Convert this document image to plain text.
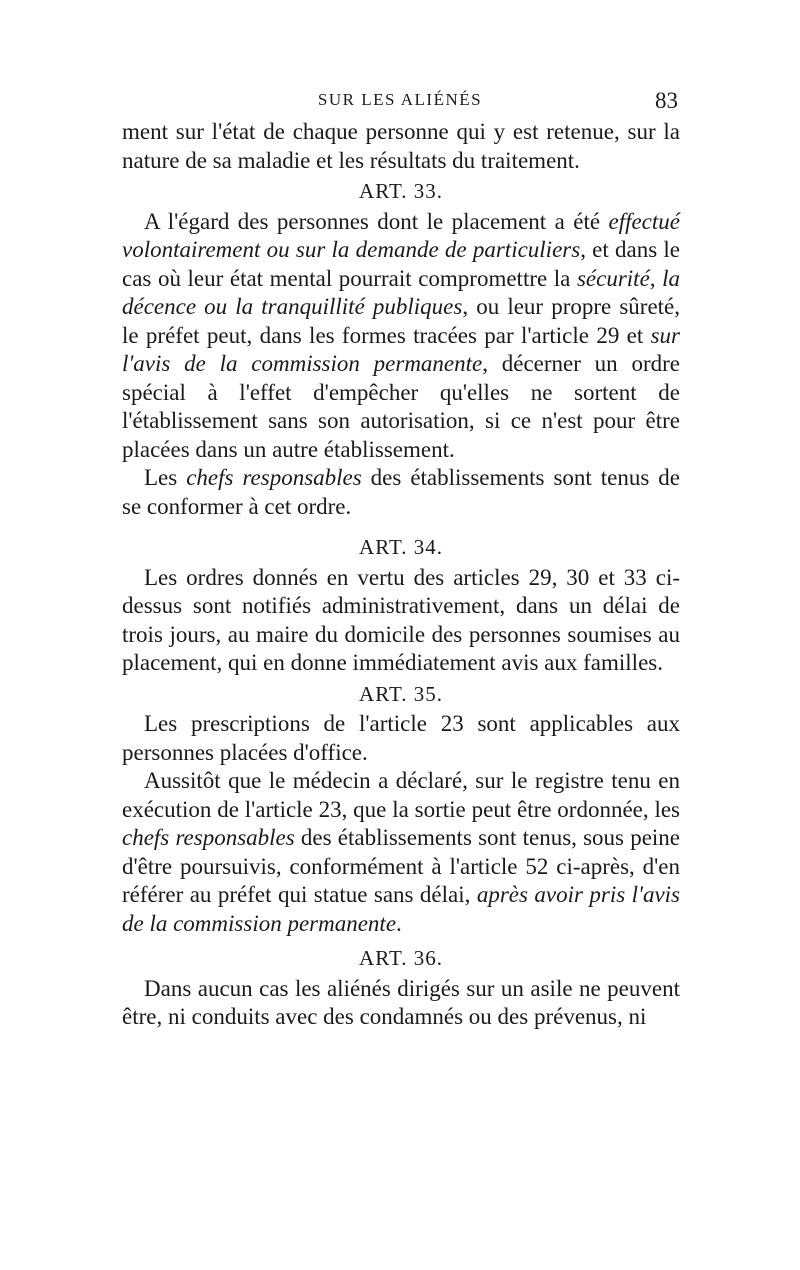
SUR LES ALIÉNÉS	83

ment sur l'état de chaque personne qui y est retenue, sur la nature de sa maladie et les résultats du traitement.

ART. 33.

A l'égard des personnes dont le placement a été effectué volontairement ou sur la demande de particuliers, et dans le cas où leur état mental pourrait compromettre la sécurité, la décence ou la tranquillité publiques, ou leur propre sûreté, le préfet peut, dans les formes tracées par l'article 29 et sur l'avis de la commission permanente, décerner un ordre spécial à l'effet d'empêcher qu'elles ne sortent de l'établissement sans son autorisation, si ce n'est pour être placées dans un autre établissement.

Les chefs responsables des établissements sont tenus de se conformer à cet ordre.

ART. 34.

Les ordres donnés en vertu des articles 29, 30 et 33 ci-dessus sont notifiés administrativement, dans un délai de trois jours, au maire du domicile des personnes soumises au placement, qui en donne immédiatement avis aux familles.

ART. 35.

Les prescriptions de l'article 23 sont applicables aux personnes placées d'office.

Aussitôt que le médecin a déclaré, sur le registre tenu en exécution de l'article 23, que la sortie peut être ordonnée, les chefs responsables des établissements sont tenus, sous peine d'être poursuivis, conformément à l'article 52 ci-après, d'en référer au préfet qui statue sans délai, après avoir pris l'avis de la commission permanente.

ART. 36.

Dans aucun cas les aliénés dirigés sur un asile ne peuvent être, ni conduits avec des condamnés ou des prévenus, ni
